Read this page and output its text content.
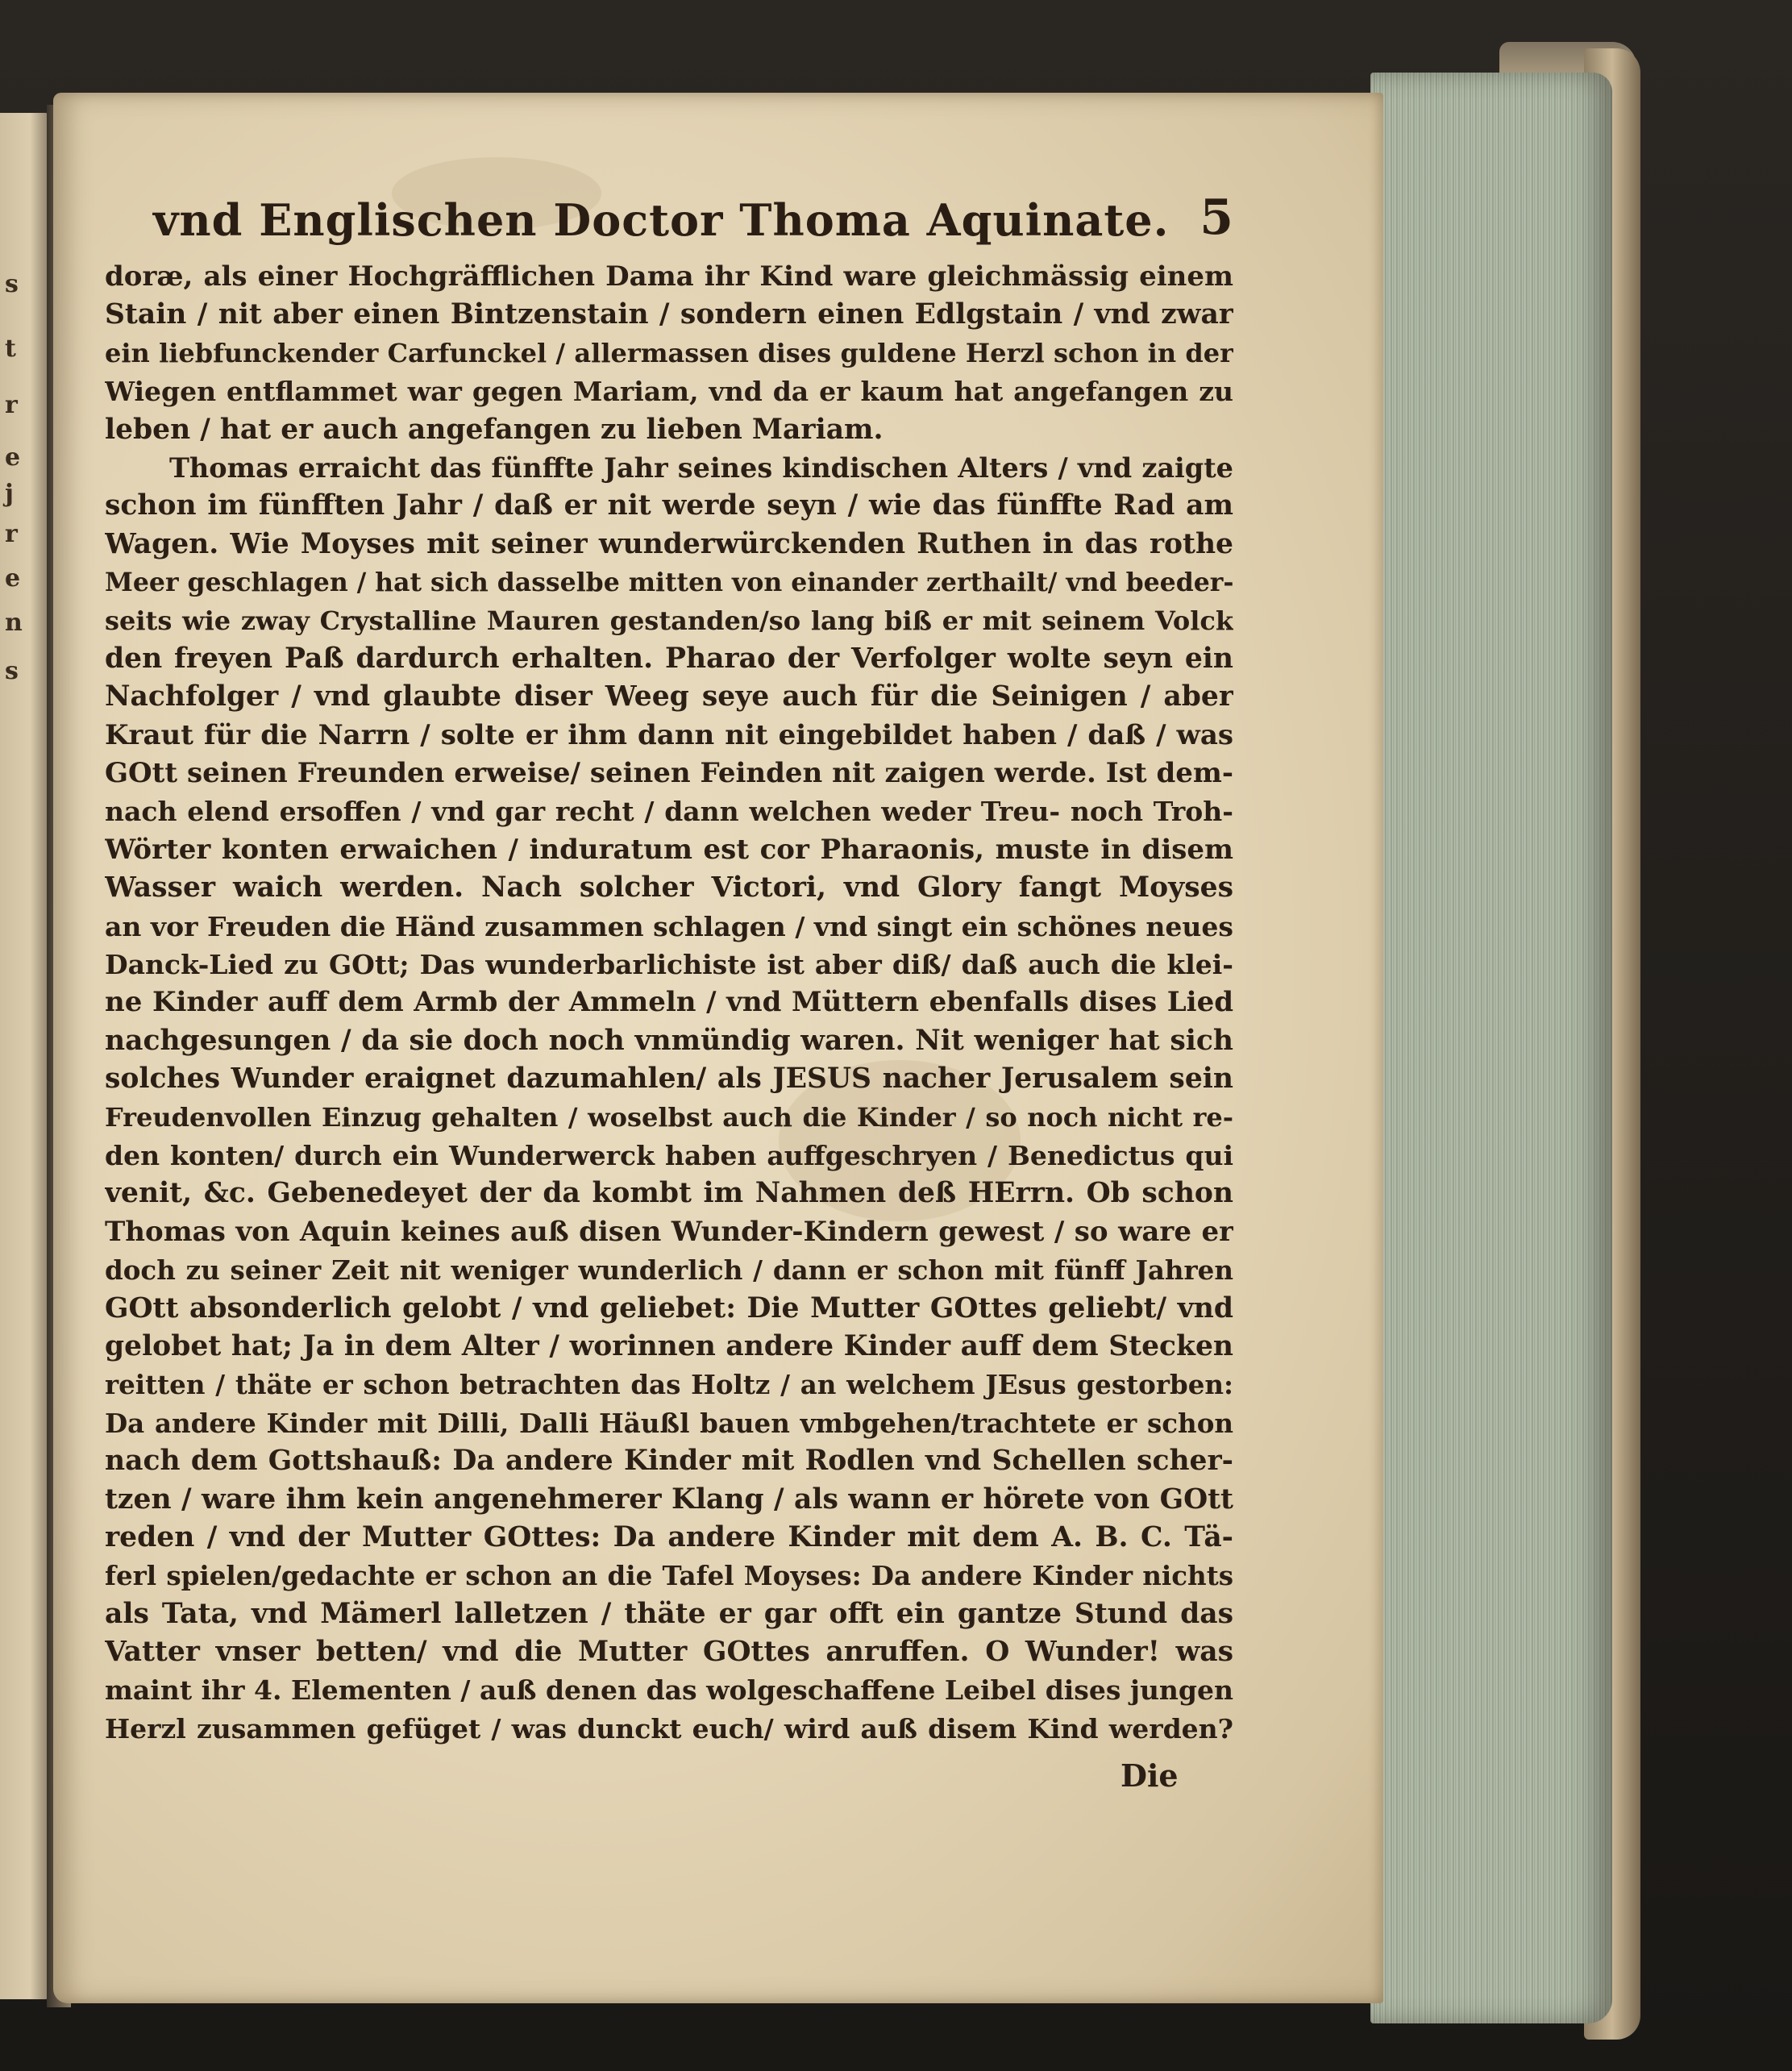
s
t
r
e
j
r
e
n
s
vnd Englischen Doctor Thoma Aquinate. 5
doræ, als einer Hochgräfflichen Dama ihr Kind ware gleichmässig einem
Stain / nit aber einen Bintzenstain / sondern einen Edlgstain / vnd zwar
ein liebfunckender Carfunckel / allermassen dises guldene Herzl schon in der
Wiegen entflammet war gegen Mariam, vnd da er kaum hat angefangen zu
leben / hat er auch angefangen zu lieben Mariam.
Thomas erraicht das fünffte Jahr seines kindischen Alters / vnd zaigte
schon im fünfften Jahr / daß er nit werde seyn / wie das fünffte Rad am
Wagen. Wie Moyses mit seiner wunderwürckenden Ruthen in das rothe
Meer geschlagen / hat sich dasselbe mitten von einander zerthailt/ vnd beeder-
seits wie zway Crystalline Mauren gestanden/so lang biß er mit seinem Volck
den freyen Paß dardurch erhalten. Pharao der Verfolger wolte seyn ein
Nachfolger / vnd glaubte diser Weeg seye auch für die Seinigen / aber
Kraut für die Narrn / solte er ihm dann nit eingebildet haben / daß / was
GOtt seinen Freunden erweise/ seinen Feinden nit zaigen werde. Ist dem-
nach elend ersoffen / vnd gar recht / dann welchen weder Treu- noch Troh-
Wörter konten erwaichen / induratum est cor Pharaonis, muste in disem
Wasser waich werden. Nach solcher Victori, vnd Glory fangt Moyses
an vor Freuden die Händ zusammen schlagen / vnd singt ein schönes neues
Danck-Lied zu GOtt; Das wunderbarlichiste ist aber diß/ daß auch die klei-
ne Kinder auff dem Armb der Ammeln / vnd Müttern ebenfalls dises Lied
nachgesungen / da sie doch noch vnmündig waren. Nit weniger hat sich
solches Wunder eraignet dazumahlen/ als JESUS nacher Jerusalem sein
Freudenvollen Einzug gehalten / woselbst auch die Kinder / so noch nicht re-
den konten/ durch ein Wunderwerck haben auffgeschryen / Benedictus qui
venit, &c. Gebenedeyet der da kombt im Nahmen deß HErrn. Ob schon
Thomas von Aquin keines auß disen Wunder-Kindern gewest / so ware er
doch zu seiner Zeit nit weniger wunderlich / dann er schon mit fünff Jahren
GOtt absonderlich gelobt / vnd geliebet: Die Mutter GOttes geliebt/ vnd
gelobet hat; Ja in dem Alter / worinnen andere Kinder auff dem Stecken
reitten / thäte er schon betrachten das Holtz / an welchem JEsus gestorben:
Da andere Kinder mit Dilli, Dalli Häußl bauen vmbgehen/trachtete er schon
nach dem Gottshauß: Da andere Kinder mit Rodlen vnd Schellen scher-
tzen / ware ihm kein angenehmerer Klang / als wann er hörete von GOtt
reden / vnd der Mutter GOttes: Da andere Kinder mit dem A. B. C. Tä-
ferl spielen/gedachte er schon an die Tafel Moyses: Da andere Kinder nichts
als Tata, vnd Mämerl lalletzen / thäte er gar offt ein gantze Stund das
Vatter vnser betten/ vnd die Mutter GOttes anruffen. O Wunder! was
maint ihr 4. Elementen / auß denen das wolgeschaffene Leibel dises jungen
Herzl zusammen gefüget / was dunckt euch/ wird auß disem Kind werden?
Die
